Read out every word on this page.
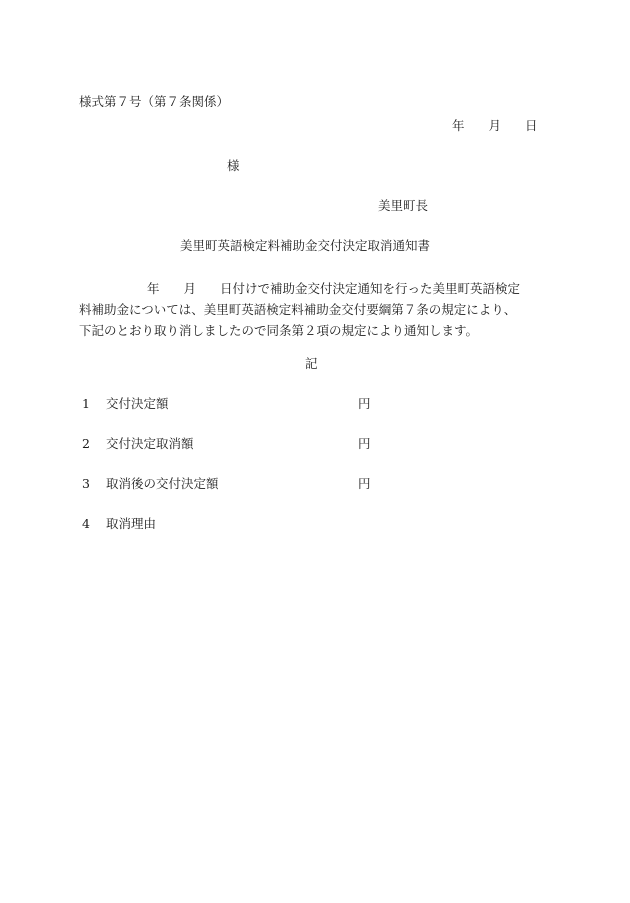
様式第７号（第７条関係）
年 月 日
様
美里町長
美里町英語検定料補助金交付決定取消通知書
年 月 日付けで補助金交付決定通知を行った美里町英語検定
料補助金については、美里町英語検定料補助金交付要綱第７条の規定により、
下記のとおり取り消しましたので同条第２項の規定により通知します。
記
1 交付決定額	円
2 交付決定取消額	円
3 取消後の交付決定額	円
4 取消理由
